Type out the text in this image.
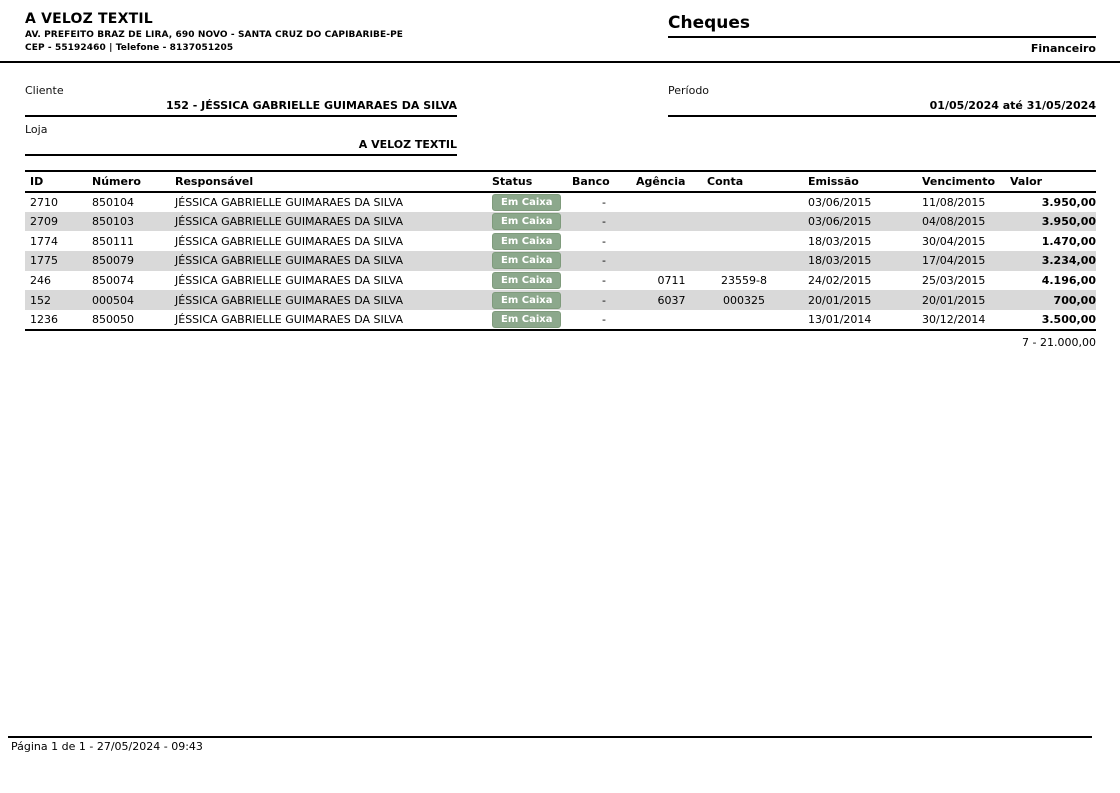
A VELOZ TEXTIL
AV. PREFEITO BRAZ DE LIRA, 690 NOVO - SANTA CRUZ DO CAPIBARIBE-PE
CEP - 55192460 | Telefone - 8137051205
Cheques
Financeiro
Cliente
152 - JÉSSICA GABRIELLE GUIMARAES DA SILVA
Período
01/05/2024 até 31/05/2024
Loja
A VELOZ TEXTIL
ID	Número	Responsável	Status	Banco	Agência	Conta	Emissão	Vencimento	Valor
2710	850104	JÉSSICA GABRIELLE GUIMARAES DA SILVA	Em Caixa	-			03/06/2015	11/08/2015	3.950,00
2709	850103	JÉSSICA GABRIELLE GUIMARAES DA SILVA	Em Caixa	-			03/06/2015	04/08/2015	3.950,00
1774	850111	JÉSSICA GABRIELLE GUIMARAES DA SILVA	Em Caixa	-			18/03/2015	30/04/2015	1.470,00
1775	850079	JÉSSICA GABRIELLE GUIMARAES DA SILVA	Em Caixa	-			18/03/2015	17/04/2015	3.234,00
246	850074	JÉSSICA GABRIELLE GUIMARAES DA SILVA	Em Caixa	-	0711	23559-8	24/02/2015	25/03/2015	4.196,00
152	000504	JÉSSICA GABRIELLE GUIMARAES DA SILVA	Em Caixa	-	6037	000325	20/01/2015	20/01/2015	700,00
1236	850050	JÉSSICA GABRIELLE GUIMARAES DA SILVA	Em Caixa	-			13/01/2014	30/12/2014	3.500,00
7 - 21.000,00
Página 1 de 1 - 27/05/2024 - 09:43
